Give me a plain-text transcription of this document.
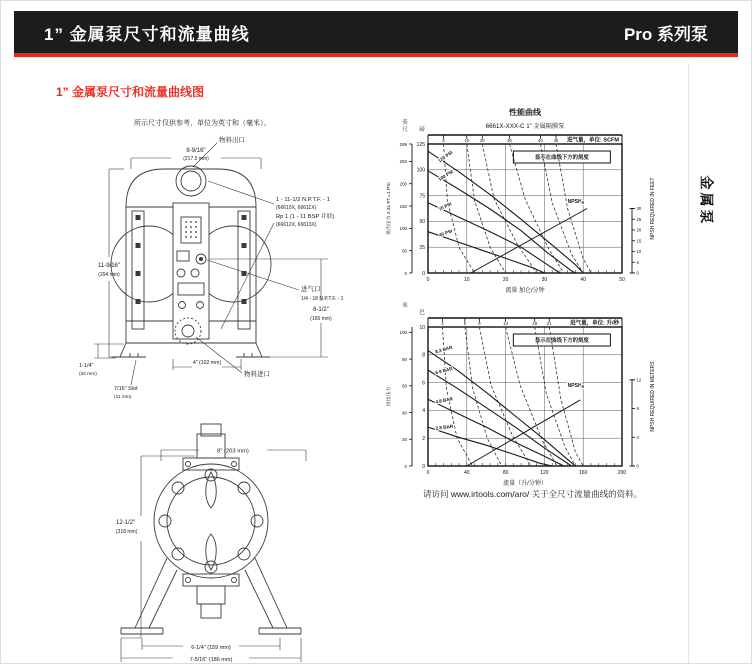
1” 金属泵尺寸和流量曲线	Pro 系列泵
1” 金属泵尺寸和流量曲线图
金属泵
所示尺寸仅供参考，单位为英寸和（毫米）。
物料出口
8-9/16"
(217.5 mm)
11-9/16"
(294 mm)
1 - 11-1/2 N.P.T.F. - 1
(66610X, 66611X)
Rp 1 (1 - 11 BSP 并联)
(66612X, 66613X)
进气口
1/4 - 18 N.P.T.F. - 1
6-1/2"
(165 mm)
4" (102 mm)
物料进口
1-1/4"
(32 mm)
7/16" Slot
(11 mm)
8" (203 mm)
12-1/2"
(318 mm)
6-1/4" (159 mm)
7-5/16" (186 mm)
0	10	20	30	40	50
0
25
50
75
100
125
5	10	20	30	40	45 进气量，单位: SCFM
0
50
100
150
200
250
289
英
尺 磅
0
5
10
15
20
25
30 NPSH REQUIRED IN FEET
性能曲线
6661X-XXX-C 1” 金属隔膜泵
显示在曲线下方的刻度
120 PSI
100 PSI
70 PSI
40 PSI
$NPSH_R$
流量 加仑/分钟
排出压力 2.31 FT.=1 PSI
0	40	80	120	160	200
0
2
4
6
8
10
2	5	9	14	19 21	进气量，单位: 升/秒
0
20
40
60
80
100
米
巴
0
4
8
12 NPSH REQUIRED IN METERS
显示在曲线下方的刻度
8.3 BAR
6.9 BAR
4.8 BAR
2.8 BAR
$NPSH_R$
流量（升/分钟）
排出压力
请访问 www.irtools.com/aro/ 关于全尺寸流量曲线的资料。
